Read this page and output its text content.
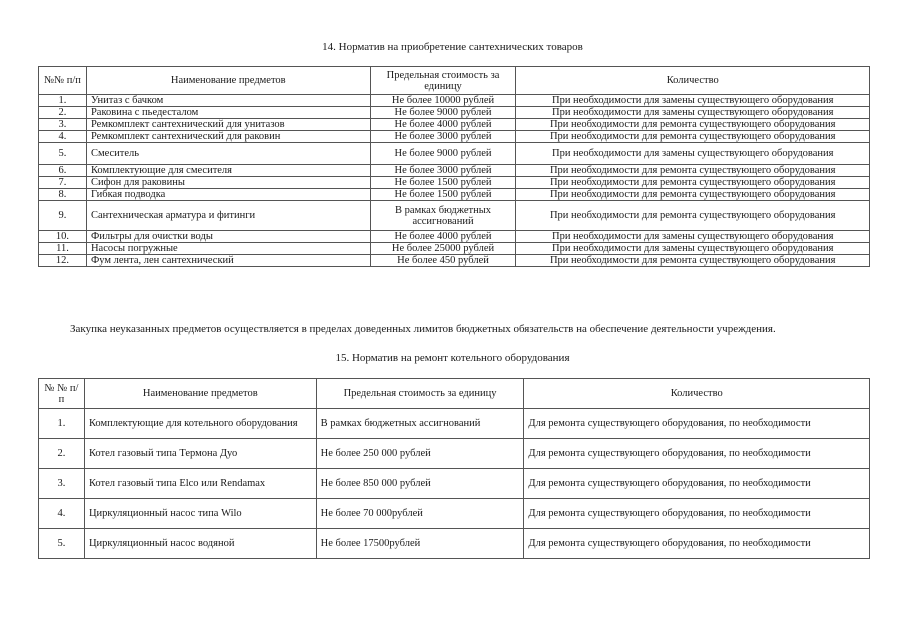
14. Норматив на приобретение сантехнических товаров
№№ п/п	Наименование предметов	Предельная стоимость за единицу	Количество
1.	Унитаз с бачком	Не более 10000 рублей	При необходимости для замены существующего оборудования
2.	Раковина с пьедесталом	Не более 9000 рублей	При необходимости для замены существующего оборудования
3.	Ремкомплект сантехнический для унитазов	Не более 4000 рублей	При необходимости для ремонта существующего оборудования
4.	Ремкомплект сантехнический для раковин	Не более 3000 рублей	При необходимости для ремонта существующего оборудования
5.	Смеситель	Не более 9000 рублей	При необходимости для замены существующего оборудования
6.	Комплектующие для смесителя	Не более 3000 рублей	При необходимости для ремонта существующего оборудования
7.	Сифон для раковины	Не более 1500 рублей	При необходимости для ремонта существующего оборудования
8.	Гибкая подводка	Не более 1500 рублей	При необходимости для ремонта существующего оборудования
9.	Сантехническая арматура и фитинги	В рамках бюджетных ассигнований	При необходимости для ремонта существующего оборудования
10.	Фильтры для очистки воды	Не более 4000 рублей	При необходимости для замены существующего оборудования
11.	Насосы погружные	Не более 25000 рублей	При необходимости для замены существующего оборудования
12.	Фум лента, лен сантехнический	Не более 450 рублей	При необходимости для ремонта существующего оборудования
Закупка неуказанных предметов осуществляется в пределах доведенных лимитов бюджетных обязательств на обеспечение деятельности учреждения.
15. Норматив на ремонт котельного оборудования
№ № п/п	Наименование предметов	Предельная стоимость за единицу	Количество
1.	Комплектующие для котельного оборудования	В рамках бюджетных ассигнований	Для ремонта существующего оборудования, по необходимости
2.	Котел газовый типа Термона Дуо	Не более 250 000 рублей	Для ремонта существующего оборудования, по необходимости
3.	Котел газовый типа Elco или Rendamax	Не более 850 000 рублей	Для ремонта существующего оборудования, по необходимости
4.	Циркуляционный насос типа Wilo	Не более 70 000рублей	Для ремонта существующего оборудования, по необходимости
5.	Циркуляционный насос водяной	Не более 17500рублей	Для ремонта существующего оборудования, по необходимости
